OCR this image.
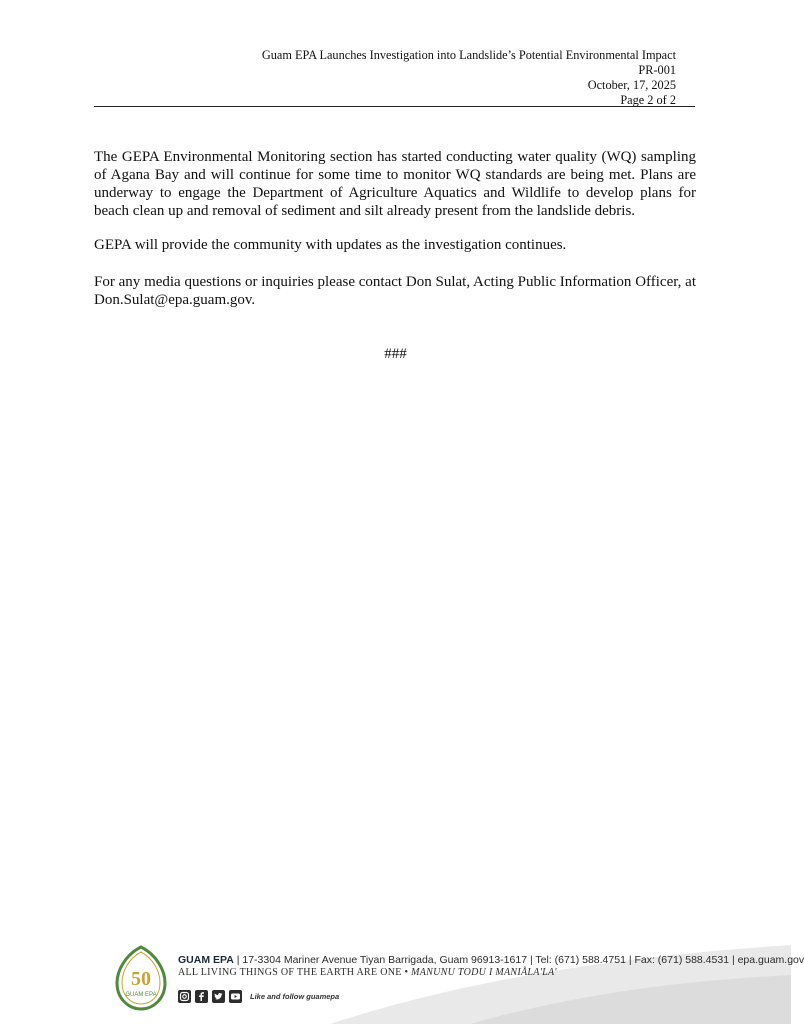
Guam EPA Launches Investigation into Landslide’s Potential Environmental Impact
PR-001
October, 17, 2025
Page 2 of 2

The GEPA Environmental Monitoring section has started conducting water quality (WQ) sampling of Agana Bay and will continue for some time to monitor WQ standards are being met. Plans are underway to engage the Department of Agriculture Aquatics and Wildlife to develop plans for beach clean up and removal of sediment and silt already present from the landslide debris.

GEPA will provide the community with updates as the investigation continues.

For any media questions or inquiries please contact Don Sulat, Acting Public Information Officer, at Don.Sulat@epa.guam.gov.

###
50
GUAM EPA
GUAM EPA | 17-3304 Mariner Avenue Tiyan Barrigada, Guam 96913-1617 | Tel: (671) 588.4751 | Fax: (671) 588.4531 | epa.guam.gov
ALL LIVING THINGS OF THE EARTH ARE ONE • MANUNU TODU I MANIÅLA'LA'
Like and follow guamepa
